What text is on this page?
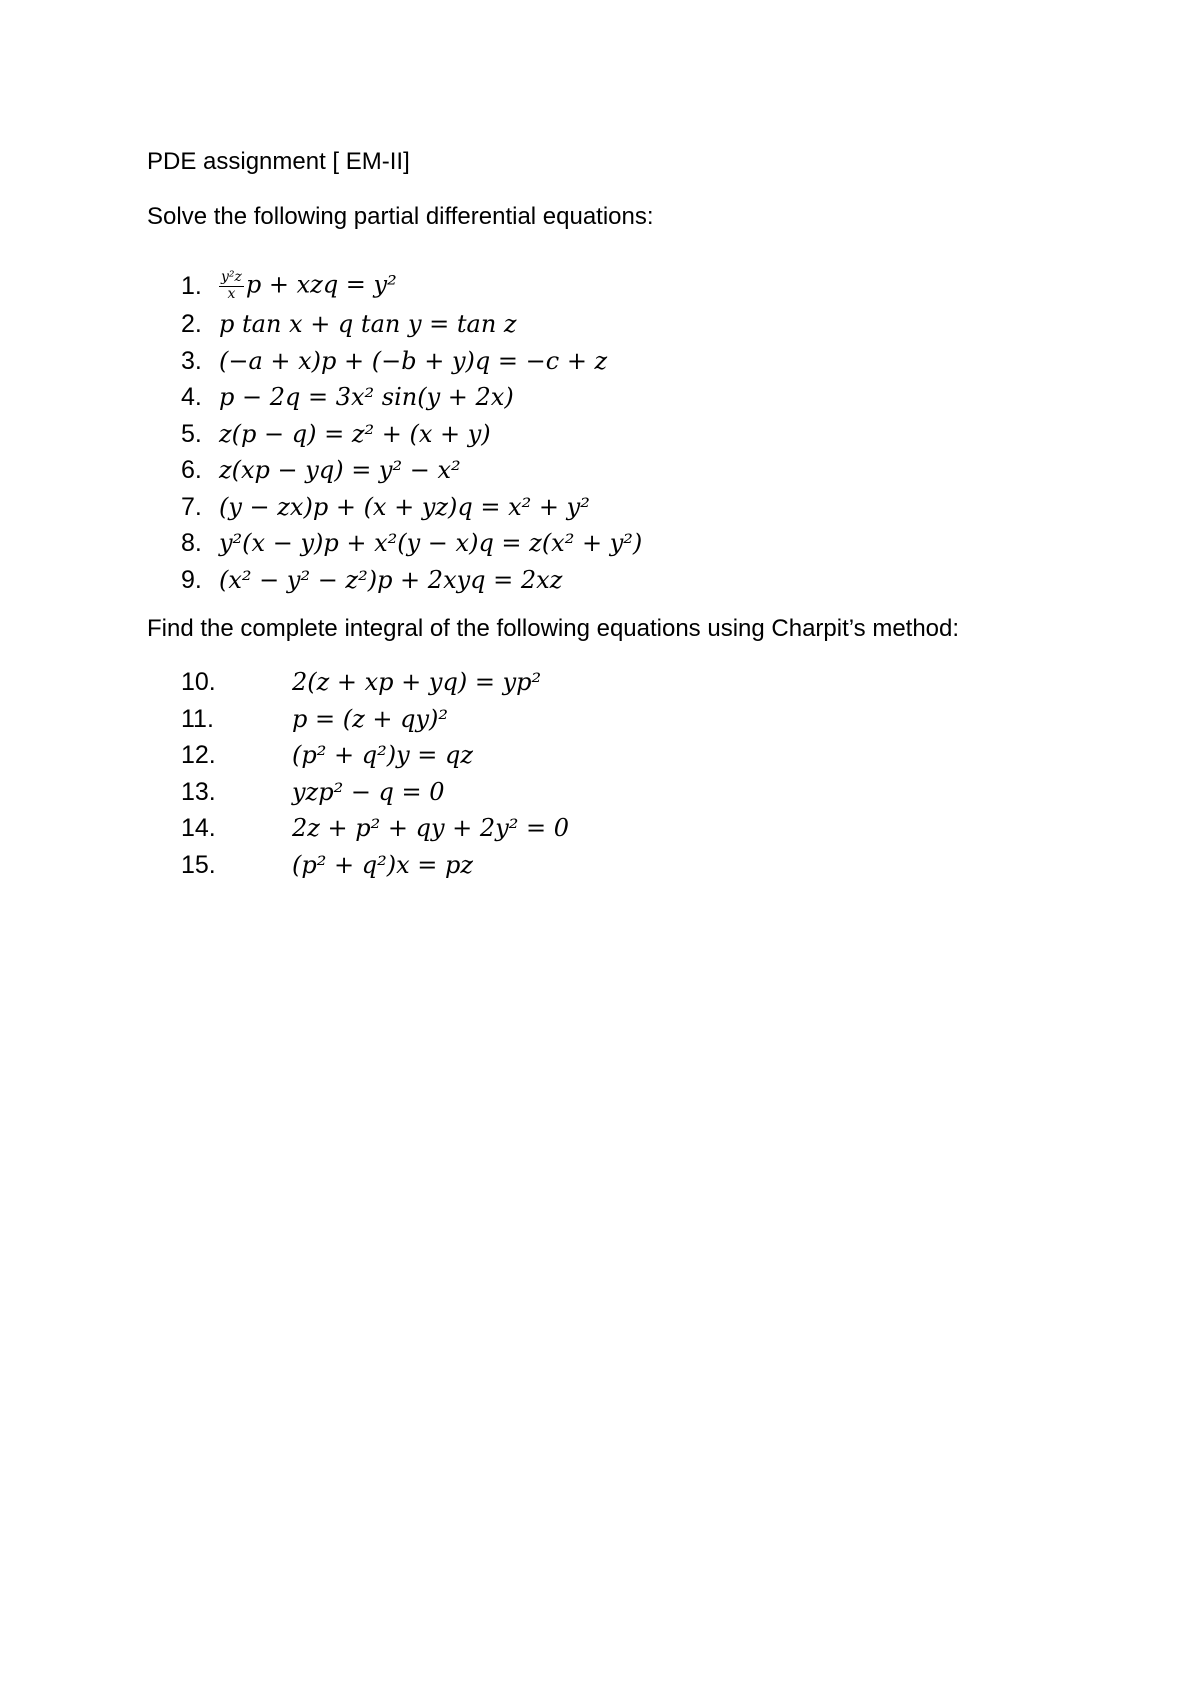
PDE assignment [ EM-II]
Solve the following partial differential equations:
1.	$\frac{\text{y²z}}{x}$ p + xzq = y²
2. p tan x + q tan y = tan z
3. (−a + x)p + (−b + y)q = −c + z
4. p − 2q = 3x² sin(y + 2x)
5. z(p − q) = z² + (x + y)
6. z(xp − yq) = y² − x²
7. (y − zx)p + (x + yz)q = x² + y²
8. y²(x − y)p + x²(y − x)q = z(x² + y²)
9. (x² − y² − z²)p + 2xyq = 2xz
Find the complete integral of the following equations using Charpit’s method:
10.	2(z + xp + yq) = yp²
11.	p = (z + qy)²
12.	(p² + q²)y = qz
13.	yzp² − q = 0
14.	2z + p² + qy + 2y² = 0
15.	(p² + q²)x = pz
